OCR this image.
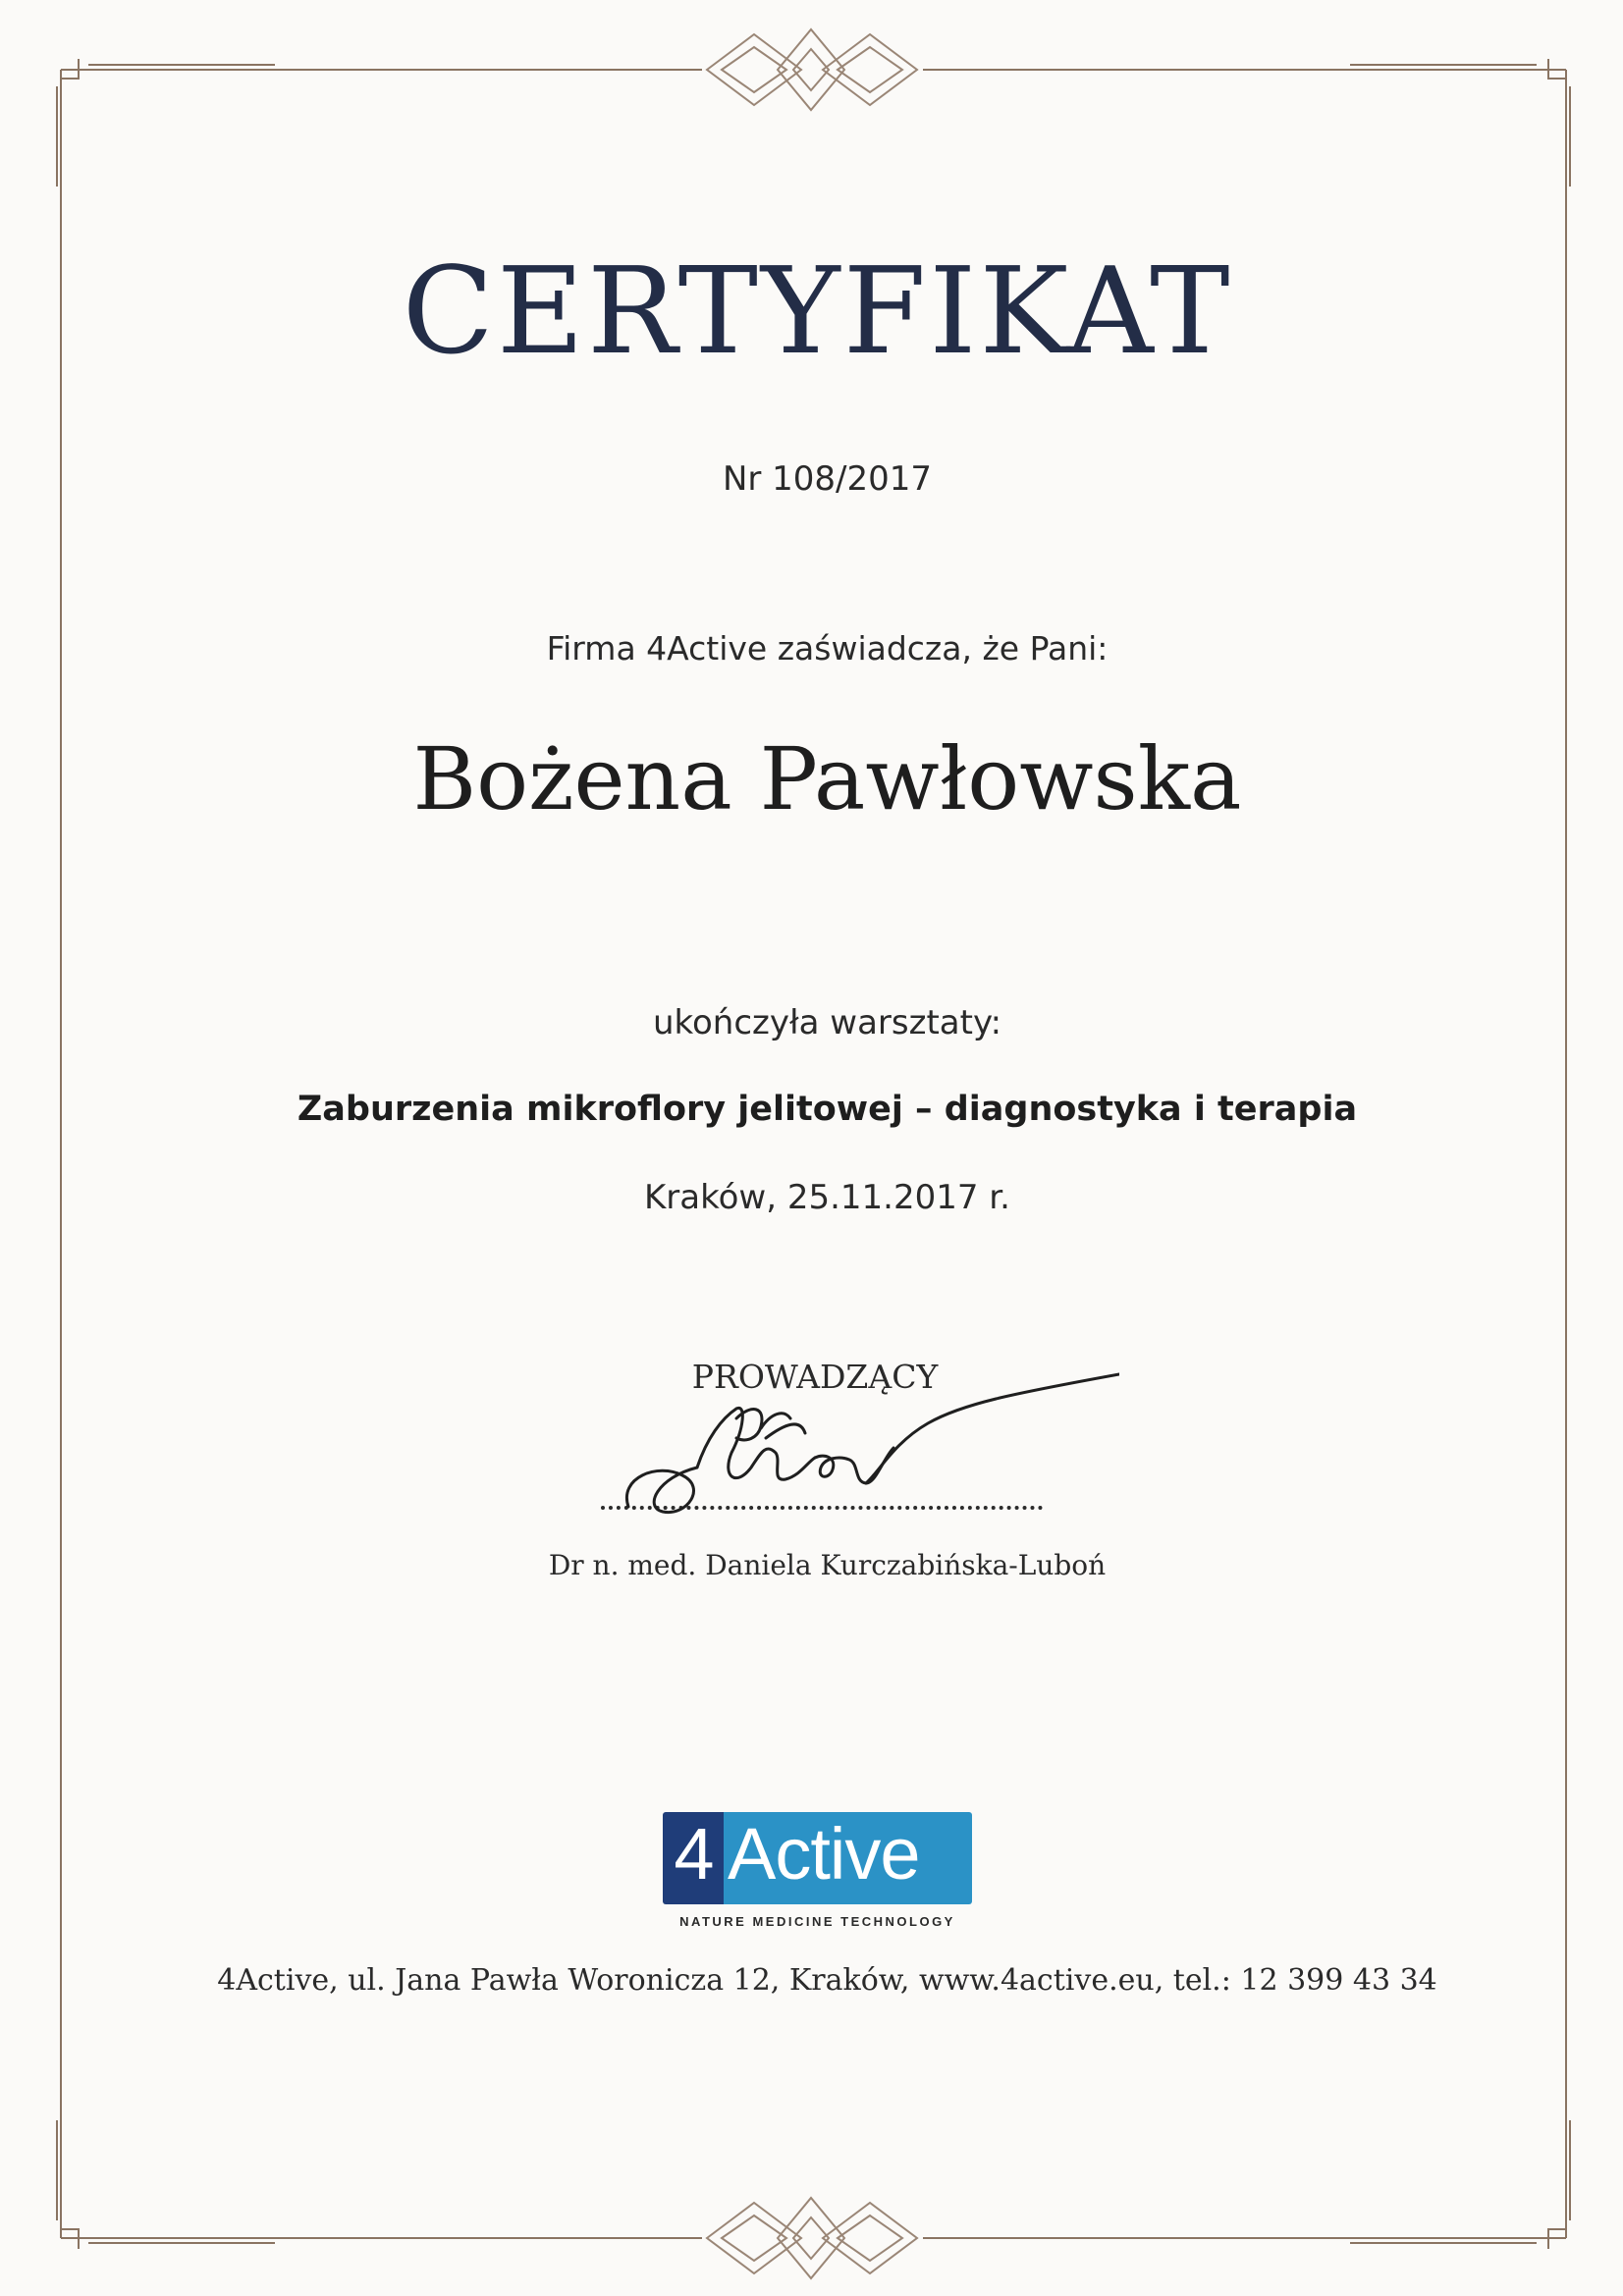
CERTYFIKAT
Nr 108/2017
Firma 4Active zaświadcza, że Pani:
Bożena Pawłowska
ukończyła warsztaty:
Zaburzenia mikroflory jelitowej – diagnostyka i terapia
Kraków, 25.11.2017 r.
PROWADZĄCY
Dr n. med. Daniela Kurczabińska-Luboń
4 Active
NATURE MEDICINE TECHNOLOGY
4Active, ul. Jana Pawła Woronicza 12, Kraków, www.4active.eu, tel.: 12 399 43 34
